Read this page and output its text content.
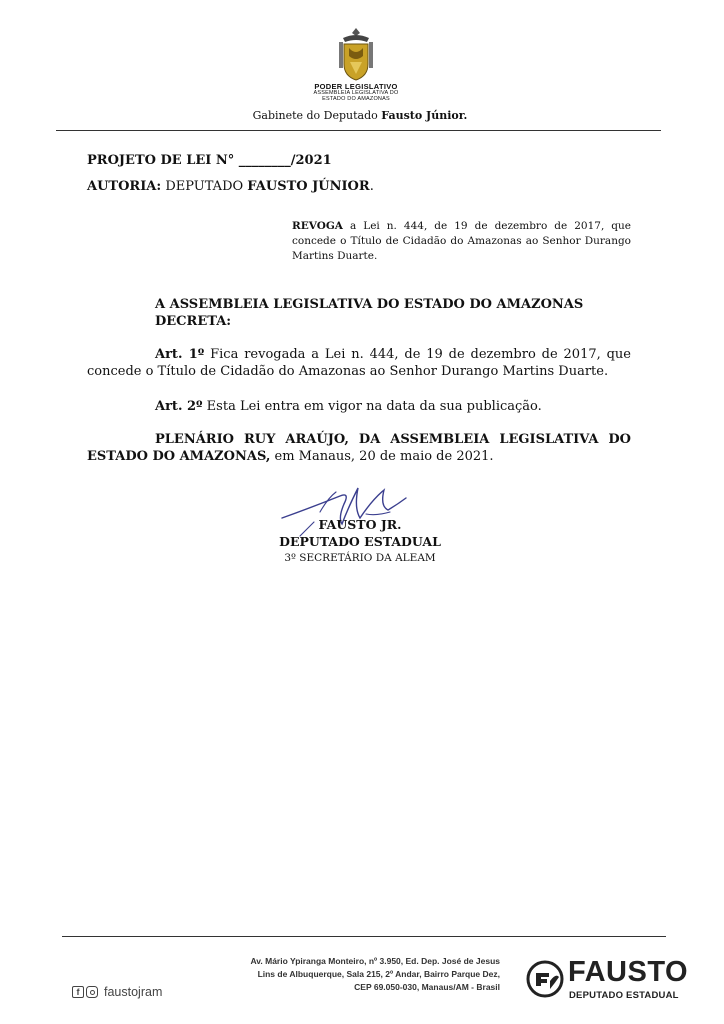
PODER LEGISLATIVO
ASSEMBLEIA LEGISLATIVA DO
ESTADO DO AMAZONAS
Gabinete do Deputado Fausto Júnior.
PROJETO DE LEI N° ________/2021
AUTORIA: DEPUTADO FAUSTO JÚNIOR.
REVOGA a Lei n. 444, de 19 de dezembro de 2017, que concede o Título de Cidadão do Amazonas ao Senhor Durango Martins Duarte.
A ASSEMBLEIA LEGISLATIVA DO ESTADO DO AMAZONAS
DECRETA:
Art. 1º Fica revogada a Lei n. 444, de 19 de dezembro de 2017, que concede o Título de Cidadão do Amazonas ao Senhor Durango Martins Duarte.
Art. 2º Esta Lei entra em vigor na data da sua publicação.
PLENÁRIO RUY ARAÚJO, DA ASSEMBLEIA LEGISLATIVA DO ESTADO DO AMAZONAS, em Manaus, 20 de maio de 2021.
FAUSTO JR.
DEPUTADO ESTADUAL
3º SECRETÁRIO DA ALEAM
Av. Mário Ypiranga Monteiro, nº 3.950, Ed. Dep. José de Jesus
Lins de Albuquerque, Sala 215, 2º Andar, Bairro Parque Dez,
CEP 69.050-030, Manaus/AM - Brasil
f	faustojram
FAUSTO
DEPUTADO ESTADUAL
